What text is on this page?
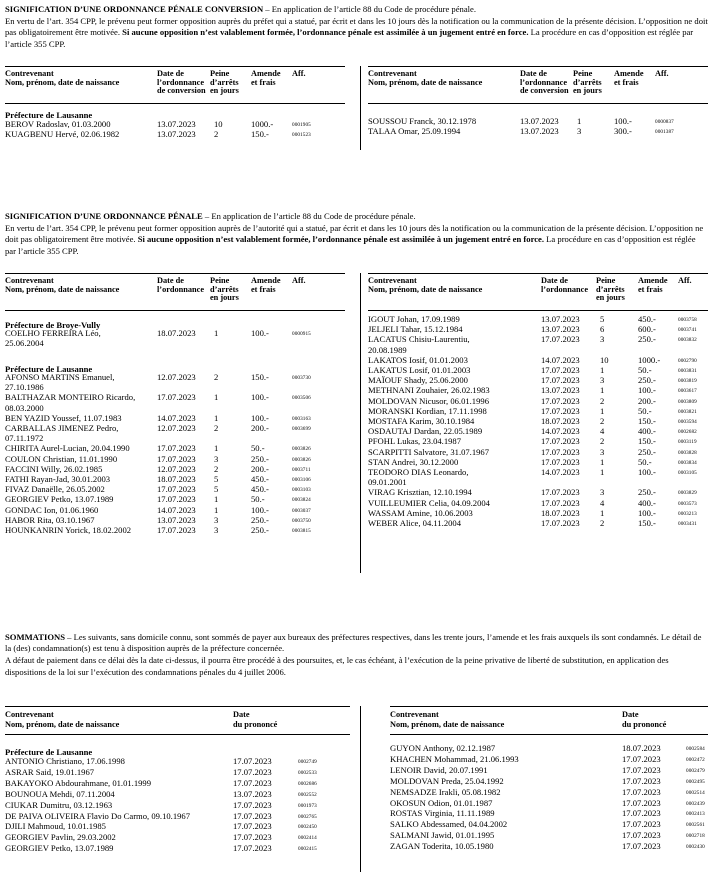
SIGNIFICATION D’UNE ORDONNANCE PÉNALE CONVERSION – En application de l’article 88 du Code de procédure pénale.

En vertu de l’art. 354 CPP, le prévenu peut former opposition auprès du préfet qui a statué, par écrit et dans les 10 jours dès la notification ou la communication de la présente décision. L’opposition ne doit pas obligatoirement être motivée. Si aucune opposition n’est valablement formée, l’ordonnance pénale est assimilée à un jugement entré en force. La procédure en cas d’opposition est réglée par l’article 355 CPP.

Contrevenant
Nom, prénom, date de naissance
Date de l’ordonnance de conversion
Peine d’arrêts en jours
Amende et frais
Aff.
Préfecture de Lausanne
BEROV Radoslav, 01.03.2000	13.07.2023 10	1000.-	0001905
KUAGBENU Hervé, 02.06.1982	13.07.2023 2	150.-	0001523
Contrevenant
Nom, prénom, date de naissance
Date de l’ordonnance de conversion
Peine d’arrêts en jours
Amende et frais
Aff.
SOUSSOU Franck, 30.12.1978	13.07.2023 1	100.-	0000837
TALAA Omar, 25.09.1994	13.07.2023 3	300.-	0001387

SIGNIFICATION D’UNE ORDONNANCE PÉNALE – En application de l’article 88 du Code de procédure pénale.

En vertu de l’art. 354 CPP, le prévenu peut former opposition auprès de l’autorité qui a statué, par écrit et dans les 10 jours dès la notification ou la communication de la présente décision. L’opposition ne doit pas obligatoirement être motivée. Si aucune opposition n’est valablement formée, l’ordonnance pénale est assimilée à un jugement entré en force. La procédure en cas d’opposition est réglée par l’article 355 CPP.

Contrevenant
Nom, prénom, date de naissance
Date de l’ordonnance
Peine d’arrêts en jours
Amende et frais
Aff.
Préfecture de Broye-Vully
COELHO FERREIRA Léo,
25.06.2004
18.07.2023 1	100.-	0000915
Préfecture de Lausanne
AFONSO MARTINS Emanuel,
27.10.1986
12.07.2023 2	150.-	0003730
BALTHAZAR MONTEIRO Ricardo,
08.03.2000
17.07.2023 1	100.-	0003506
BEN YAZID Youssef, 11.07.1983	14.07.2023 1	100.-	0003163
CARBALLAS JIMENEZ Pedro,
07.11.1972
12.07.2023 2	200.-	0003699
CHIRITA Aurel-Lucian, 20.04.1990	17.07.2023 1	50.-	0003826
COULON Christian, 11.01.1990	17.07.2023 3	250.-	0003826
FACCINI Willy, 26.02.1985	12.07.2023 2	200.-	0003711
FATHI Rayan-Jad, 30.01.2003	18.07.2023 5	450.-	0003106
FIVAZ Danaëlle, 26.05.2002	17.07.2023 5	450.-	0003103
GEORGIEV Petko, 13.07.1989	17.07.2023 1	50.-	0003824
GONDAC Ion, 01.06.1960	14.07.2023 1	100.-	0003037
HABOR Rita, 03.10.1967	13.07.2023 3	250.-	0003750
HOUNKANRIN Yorick, 18.02.2002	17.07.2023 3	250.-	0003815
Contrevenant
Nom, prénom, date de naissance
Date de l’ordonnance
Peine d’arrêts en jours
Amende et frais
Aff.
IGOUT Johan, 17.09.1989	13.07.2023 5	450.-	0003758
JELJELI Tahar, 15.12.1984	13.07.2023 6	600.-	0003741
LACATUS Chisiu-Laurentiu,
20.08.1989
17.07.2023 3	250.-	0003832
LAKATOS Iosif, 01.01.2003	14.07.2023 10	1000.-	0002790
LAKATUS Losif, 01.01.2003	17.07.2023 1	50.-	0003831
MAÏOUF Shady, 25.06.2000	17.07.2023 3	250.-	0003819
METHNANI Zouhaier, 26.02.1983	13.07.2023 1	100.-	0003617
MOLDOVAN Nicusor, 06.01.1996	17.07.2023 2	200.-	0003809
MORANSKI Kordian, 17.11.1998	17.07.2023 1	50.-	0003821
MOSTAFA Karim, 30.10.1984	18.07.2023 2	150.-	0003594
OSDAUTAJ Dardan, 22.05.1989	14.07.2023 4	400.-	0002682
PFOHL Lukas, 23.04.1987	17.07.2023 2	150.-	0003119
SCARPITTI Salvatore, 31.07.1967	17.07.2023 3	250.-	0003828
STAN Andrei, 30.12.2000	17.07.2023 1	50.-	0003834
TEODORO DIAS Leonardo,
09.01.2001
14.07.2023 1	100.-	0003105
VIRAG Krisztian, 12.10.1994	17.07.2023 3	250.-	0003829
VUILLEUMIER Celia, 04.09.2004	17.07.2023 4	400.-	0003573
WASSAM Amine, 10.06.2003	18.07.2023 1	100.-	0003213
WEBER Alice, 04.11.2004	17.07.2023 2	150.-	0003431

SOMMATIONS – Les suivants, sans domicile connu, sont sommés de payer aux bureaux des préfectures respectives, dans les trente jours, l’amende et les frais auxquels ils sont condamnés. Le détail de la (des) condamnation(s) est tenu à disposition auprès de la préfecture concernée.

A défaut de paiement dans ce délai dès la date ci-dessus, il pourra être procédé à des poursuites, et, le cas échéant, à l’exécution de la peine privative de liberté de substitution, en application des dispositions de la loi sur l’exécution des condamnations pénales du 4 juillet 2006.

Contrevenant
Nom, prénom, date de naissance
Date
du prononcé
Préfecture de Lausanne
ANTONIO Christiano, 17.06.1998	17.07.2023	0002749
ASRAR Said, 19.01.1967	17.07.2023	0002533
BAKAYOKO Abdourahmane, 01.01.1999	17.07.2023	0002686
BOUNOUA Mehdi, 07.11.2004	13.07.2023	0002552
CIUKAR Dumitru, 03.12.1963	17.07.2023	0001973
DE PAIVA OLIVEIRA Flavio Do Carmo, 09.10.1967	17.07.2023	0002765
DJILI Mahmoud, 10.01.1985	17.07.2023	0002450
GEORGIEV Pavlin, 29.03.2002	17.07.2023	0002414
GEORGIEV Petko, 13.07.1989	17.07.2023	0002415
Contrevenant
Nom, prénom, date de naissance
Date
du prononcé
GUYON Anthony, 02.12.1987	18.07.2023	0002584
KHACHEN Mohammad, 21.06.1993	17.07.2023	0002472
LENOIR David, 20.07.1991	17.07.2023	0002479
MOLDOVAN Preda, 25.04.1992	17.07.2023	0002495
NEMSADZE Irakli, 05.08.1982	17.07.2023	0002514
OKOSUN Odion, 01.01.1987	17.07.2023	0002439
ROSTAS Virginia, 11.11.1989	17.07.2023	0002413
SALKO Abdessamed, 04.04.2002	17.07.2023	0002561
SALMANI Jawid, 01.01.1995	17.07.2023	0002718
ZAGAN Toderita, 10.05.1980	17.07.2023	0002430
